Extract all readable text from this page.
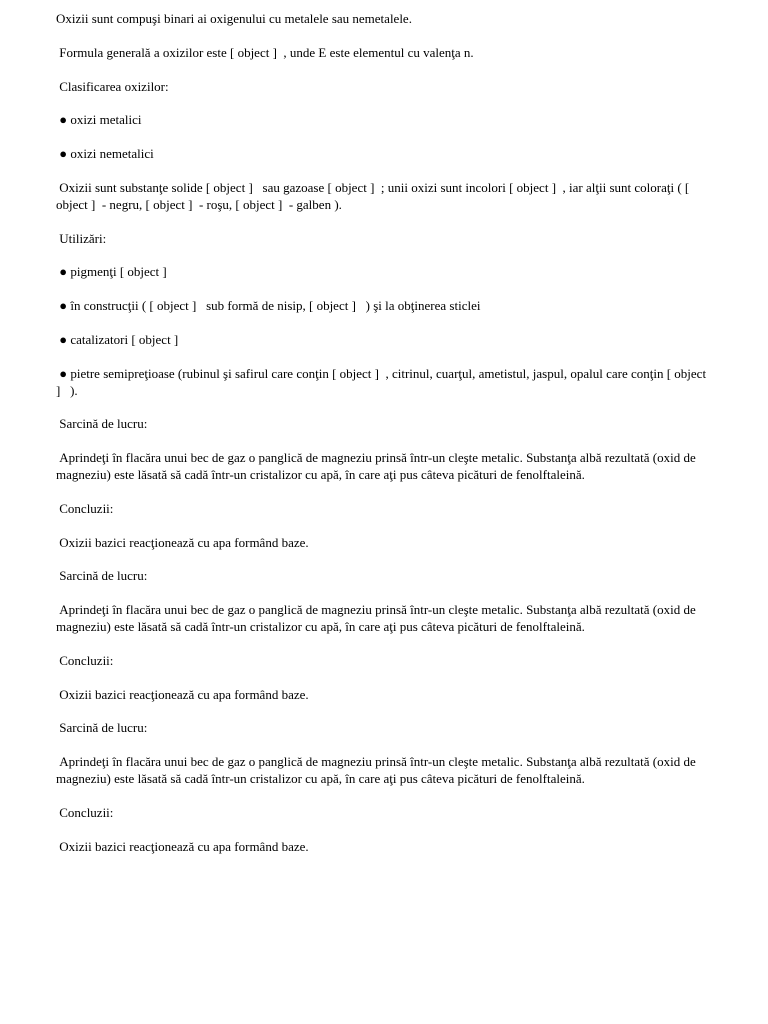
Oxizii sunt compuşi binari ai oxigenului cu metalele sau nemetalele.

Formula generală a oxizilor este [ object ]  , unde E este elementul cu valenţa n.

Clasificarea oxizilor:

● oxizi metalici

● oxizi nemetalici

Oxizii sunt substanţe solide [ object ]   sau gazoase [ object ]  ; unii oxizi sunt incolori [ object ]  , iar alţii sunt coloraţi ( [ object ]  - negru, [ object ]  - roşu, [ object ]  - galben ).

Utilizări:

● pigmenţi [ object ]

● în construcţii ( [ object ]   sub formă de nisip, [ object ]   ) şi la obţinerea sticlei

● catalizatori [ object ]

● pietre semipreţioase (rubinul şi safirul care conţin [ object ]  , citrinul, cuarţul, ametistul, jaspul, opalul care conţin [ object ]   ).

Sarcină de lucru:

Aprindeţi în flacăra unui bec de gaz o panglică de magneziu prinsă într-un cleşte metalic. Substanţa albă rezultată (oxid de magneziu) este lăsată să cadă într-un cristalizor cu apă, în care aţi pus câteva picături de fenolftaleină.

Concluzii:

Oxizii bazici reacţionează cu apa formând baze.

Sarcină de lucru:

Aprindeţi în flacăra unui bec de gaz o panglică de magneziu prinsă într-un cleşte metalic. Substanţa albă rezultată (oxid de magneziu) este lăsată să cadă într-un cristalizor cu apă, în care aţi pus câteva picături de fenolftaleină.

Concluzii:

Oxizii bazici reacţionează cu apa formând baze.

Sarcină de lucru:

Aprindeţi în flacăra unui bec de gaz o panglică de magneziu prinsă într-un cleşte metalic. Substanţa albă rezultată (oxid de magneziu) este lăsată să cadă într-un cristalizor cu apă, în care aţi pus câteva picături de fenolftaleină.

Concluzii:

Oxizii bazici reacţionează cu apa formând baze.
